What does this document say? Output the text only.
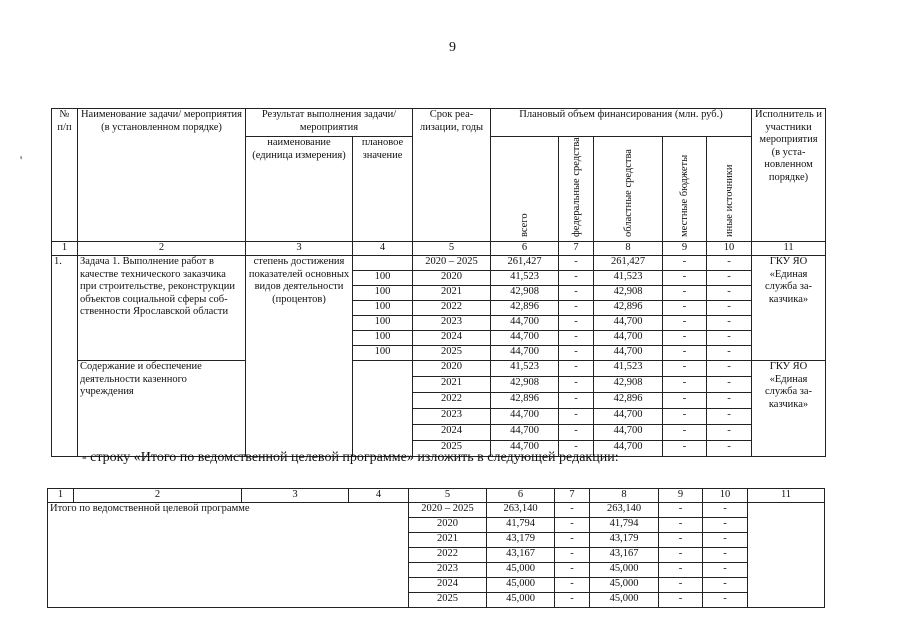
9
'
№ п/п	Наименование задачи/ мероприятия (в установленном порядке)	Результат выполнения задачи/ мероприятия		Срок реализации, годы	Плановый объем финансирования (млн. руб.)					Исполнитель и участники мероприятия (в установленном порядке)
		наименование (единица измерения)	плановое значение		всего	федеральные средства	областные средства	местные бюджеты	иные источники	

1	2	3	4	5	6	7	8	9	10	11
1.	Задача 1. Выполнение работ в качестве технического заказчика при строительстве, реконструкции объектов социальной сферы собственности Ярославской области	степень достижения показателей основных видов деятельности (процентов)		2020 – 2025	261,427	-	261,427	-	-	ГКУ ЯО «Единая служба заказчика»
			100	2020	41,523	-	41,523	-	-	
			100	2021	42,908	-	42,908	-	-	
			100	2022	42,896	-	42,896	-	-	
			100	2023	44,700	-	44,700	-	-	
			100	2024	44,700	-	44,700	-	-	
			100	2025	44,700	-	44,700	-	-	
	Содержание и обеспечение деятельности казенного учреждения			2020	41,523	-	41,523	-	-	ГКУ ЯО «Единая служба заказчика»
				2021	42,908	-	42,908	-	-	
				2022	42,896	-	42,896	-	-	
				2023	44,700	-	44,700	-	-	
				2024	44,700	-	44,700	-	-	
				2025	44,700	-	44,700	-	-	
- строку «Итого по ведомственной целевой программе» изложить в следующей редакции:
1	2	3	4	5	6	7	8	9	10	11
Итого по ведомственной целевой программе				2020 – 2025	263,140	-	263,140	-	-	
				2020	41,794	-	41,794	-	-	
				2021	43,179	-	43,179	-	-	
				2022	43,167	-	43,167	-	-	
				2023	45,000	-	45,000	-	-	
				2024	45,000	-	45,000	-	-	
				2025	45,000	-	45,000	-	-	
